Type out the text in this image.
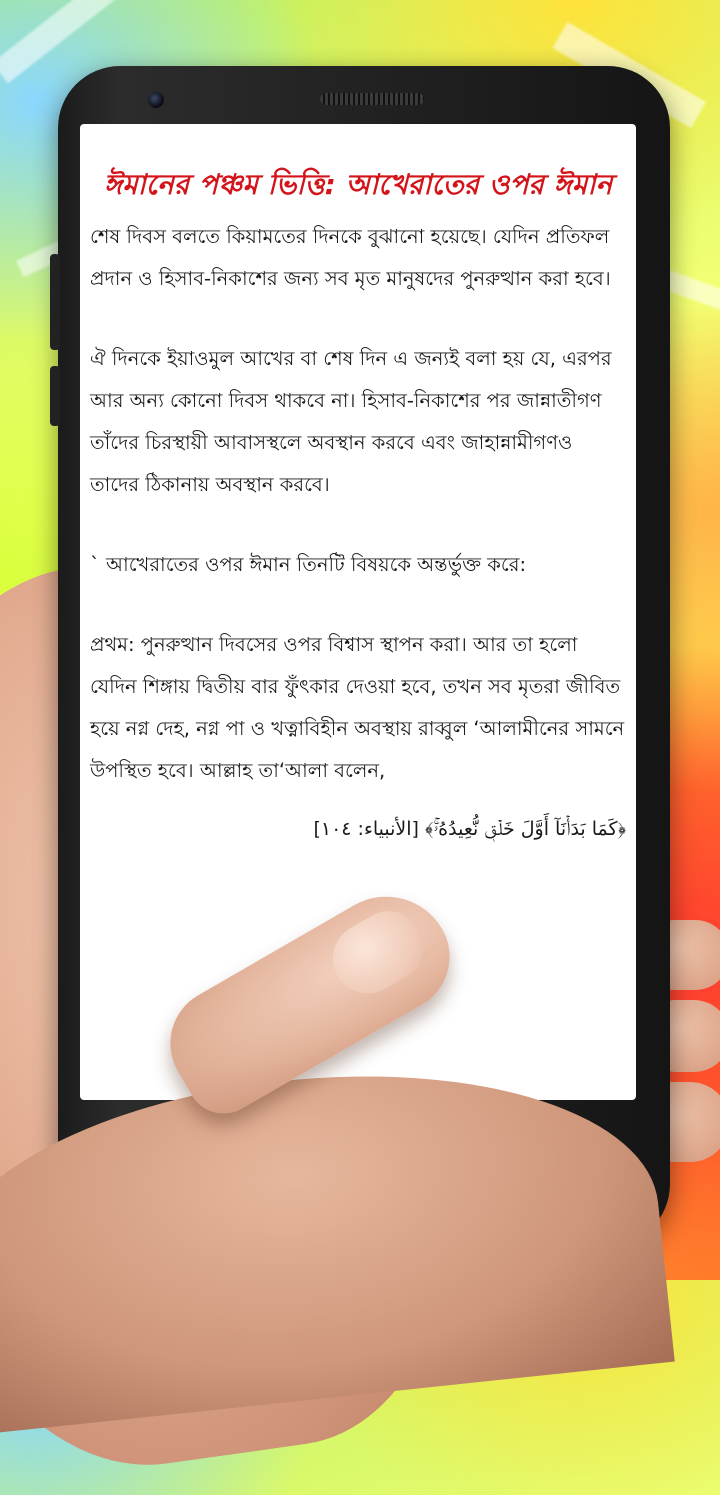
ঈমানের পঞ্চম ভিত্তি: আখেরাতের ওপর ঈমান

শেষ দিবস বলতে কিয়ামতের দিনকে বুঝানো হয়েছে। যেদিন প্রতিফল প্রদান ও হিসাব-নিকাশের জন্য সব মৃত মানুষদের পুনরুত্থান করা হবে।

ঐ দিনকে ইয়াওমুল আখের বা শেষ দিন এ জন্যই বলা হয় যে, এরপর আর অন্য কোনো দিবস থাকবে না। হিসাব-নিকাশের পর জান্নাতীগণ তাঁদের চিরস্থায়ী আবাসস্থলে অবস্থান করবে এবং জাহান্নামীগণও তাদের ঠিকানায় অবস্থান করবে।

` আখেরাতের ওপর ঈমান তিনটি বিষয়কে অন্তর্ভুক্ত করে:

প্রথম: পুনরুত্থান দিবসের ওপর বিশ্বাস স্থাপন করা। আর তা হলো যেদিন শিঙ্গায় দ্বিতীয় বার ফুঁৎকার দেওয়া হবে, তখন সব মৃতরা জীবিত হয়ে নগ্ন দেহ, নগ্ন পা ও খত্নাবিহীন অবস্থায় রাব্বুল ‘আলামীনের সামনে উপস্থিত হবে। আল্লাহ তা‘আলা বলেন,

﴿كَمَا بَدَأۡنَآ أَوَّلَ خَلۡقٖ نُّعِيدُهُۥۚ﴾ [الأنبياء: ١٠٤]
